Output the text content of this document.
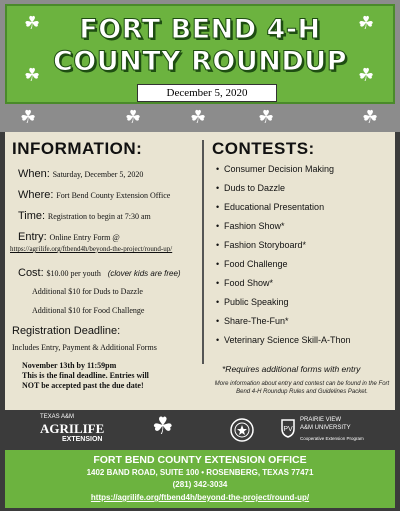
FORT BEND 4-H
COUNTY ROUNDUP
December 5, 2020
☘	☘
☘	☘
☘	☘	☘	☘	☘
INFORMATION:
When: Saturday, December 5, 2020
Where: Fort Bend County Extension Office
Time: Registration to begin at 7:30 am
Entry: Online Entry Form @
https://agrilife.org/ftbend4h/beyond-the-project/round-up/
Cost: $10.00 per youth (clover kids are free)
Additional $10 for Duds to Dazzle
Additional $10 for Food Challenge
Registration Deadline:
Includes Entry, Payment & Additional Forms
November 13th by 11:59pm
This is the final deadline. Entries will
NOT be accepted past the due date!
CONTESTS:
• Consumer Decision Making
• Duds to Dazzle
• Educational Presentation
• Fashion Show*
• Fashion Storyboard*
• Food Challenge
• Food Show*
• Public Speaking
• Share-The-Fun*
• Veterinary Science Skill-A-Thon
*Requires additional forms with entry
More information about entry and contest can be found in the Fort Bend 4-H Roundup Rules and Guidelines Packet.
TEXAS A&M
AGRILIFE
EXTENSION ☘	PV
PRAIRIE VIEW
A&M UNIVERSITY
Cooperative Extension Program
FORT BEND COUNTY EXTENSION OFFICE
1402 BAND ROAD, SUITE 100 • ROSENBERG, TEXAS 77471
(281) 342-3034
https://agrilife.org/ftbend4h/beyond-the-project/round-up/
